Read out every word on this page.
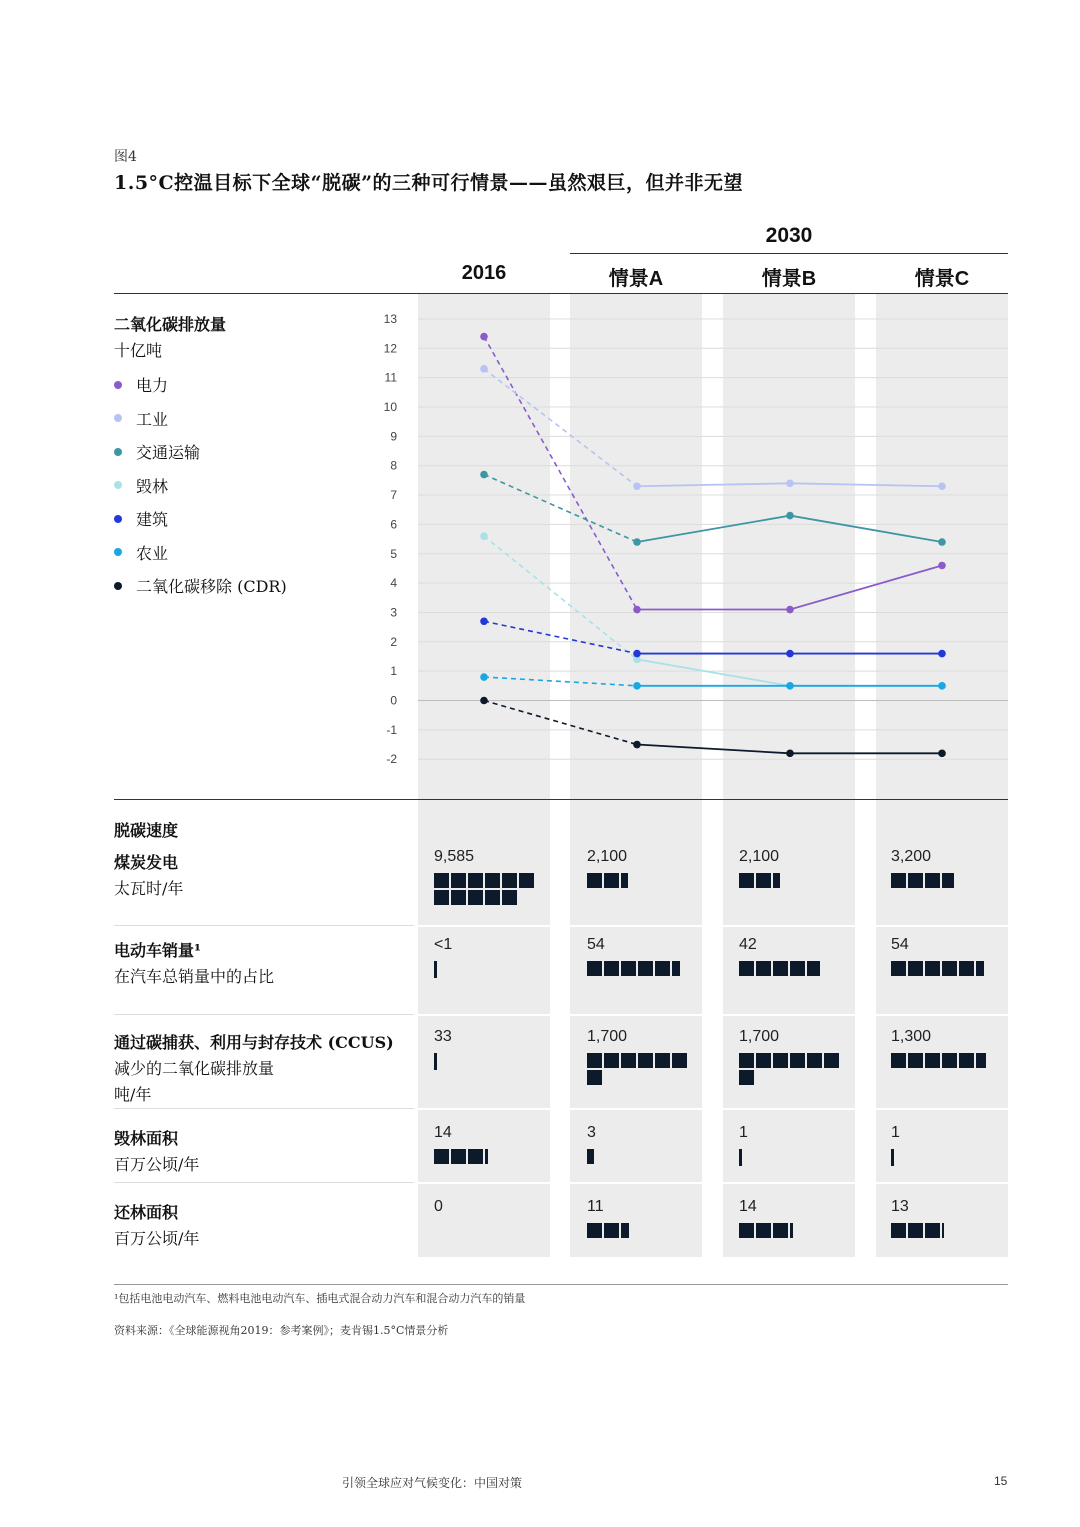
图4
1.5°C控温目标下全球“脱碳”的三种可行情景——虽然艰巨，但并非无望
2030
2016	情景A	情景B	情景C
二氧化碳排放量
十亿吨
电力
工业
交通运输
毁林
建筑
农业
二氧化碳移除 (CDR)
13
12
11
10
9
8
7
6
5
4
3
2
1
0
-1
-2
脱碳速度
煤炭发电
太瓦时/年
9,585	2,100	2,100	3,200
电动车销量¹
在汽车总销量中的占比
<1	54	42	54
通过碳捕获、利用与封存技术 (CCUS)
减少的二氧化碳排放量
吨/年
33	1,700	1,700	1,300
毁林面积
百万公顷/年
14	3	1	1
还林面积
百万公顷/年
0	11	14	13
¹包括电池电动汽车、燃料电池电动汽车、插电式混合动力汽车和混合动力汽车的销量
资料来源：《全球能源视角2019：参考案例》；麦肯锡1.5°C情景分析
引领全球应对气候变化：中国对策	15
